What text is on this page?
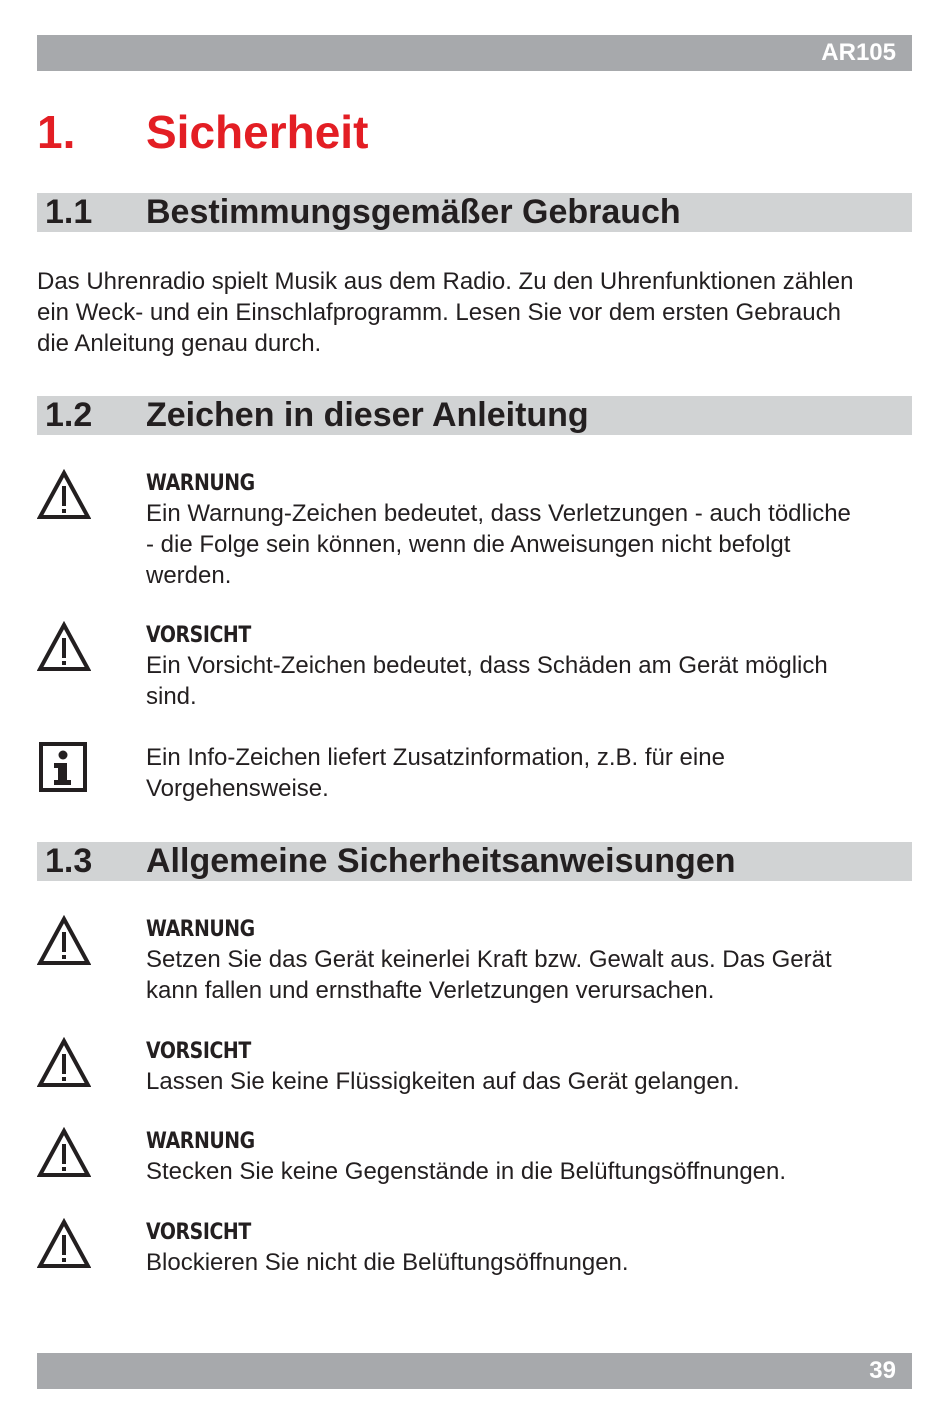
AR105
1. Sicherheit
1.1 Bestimmungsgemäßer Gebrauch

Das Uhrenradio spielt Musik aus dem Radio. Zu den Uhrenfunktionen zählen
ein Weck- und ein Einschlafprogramm. Lesen Sie vor dem ersten Gebrauch
die Anleitung genau durch.

1.2 Zeichen in dieser Anleitung
WARNUNG
Ein Warnung-Zeichen bedeutet, dass Verletzungen - auch tödliche
- die Folge sein können, wenn die Anweisungen nicht befolgt
werden.
VORSICHT
Ein Vorsicht-Zeichen bedeutet, dass Schäden am Gerät möglich
sind.
Ein Info-Zeichen liefert Zusatzinformation, z.B. für eine
Vorgehensweise.
1.3 Allgemeine Sicherheitsanweisungen
WARNUNG
Setzen Sie das Gerät keinerlei Kraft bzw. Gewalt aus. Das Gerät
kann fallen und ernsthafte Verletzungen verursachen.
VORSICHT
Lassen Sie keine Flüssigkeiten auf das Gerät gelangen.
WARNUNG
Stecken Sie keine Gegenstände in die Belüftungsöffnungen.
VORSICHT
Blockieren Sie nicht die Belüftungsöffnungen.
39
